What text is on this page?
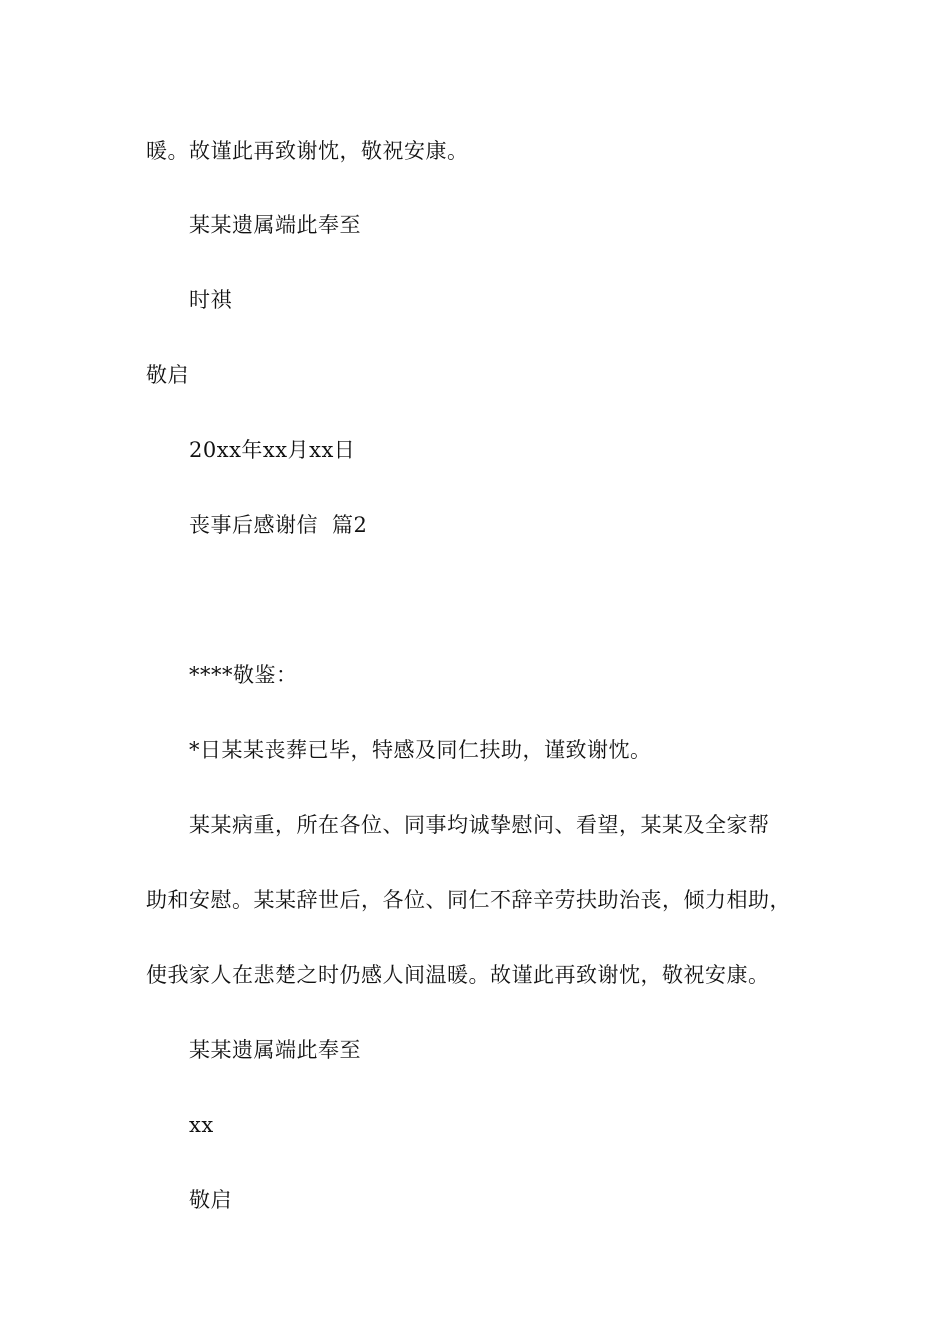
暖。故谨此再致谢忱，敬祝安康。
某某遗属端此奉至
时祺
敬启
20xx年xx月xx日
丧事后感谢信 篇2
****敬鉴：
*日某某丧葬已毕，特感及同仁扶助，谨致谢忱。
某某病重，所在各位、同事均诚挚慰问、看望，某某及全家帮
助和安慰。某某辞世后，各位、同仁不辞辛劳扶助治丧，倾力相助，
使我家人在悲楚之时仍感人间温暖。故谨此再致谢忱，敬祝安康。
某某遗属端此奉至
xx
敬启
